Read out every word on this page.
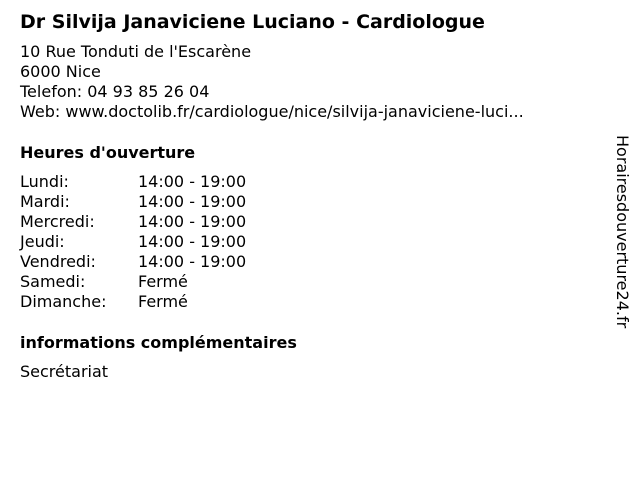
Dr Silvija Janaviciene Luciano - Cardiologue
10 Rue Tonduti de l'Escarène
6000 Nice
Telefon: 04 93 85 26 04
Web: www.doctolib.fr/cardiologue/nice/silvija-janaviciene-luci...
Heures d'ouverture
Lundi:	14:00 - 19:00
Mardi:	14:00 - 19:00
Mercredi:	14:00 - 19:00
Jeudi:	14:00 - 19:00
Vendredi:	14:00 - 19:00
Samedi:	Fermé
Dimanche:	Fermé
informations complémentaires
Secrétariat
Horairesdouverture24.fr
